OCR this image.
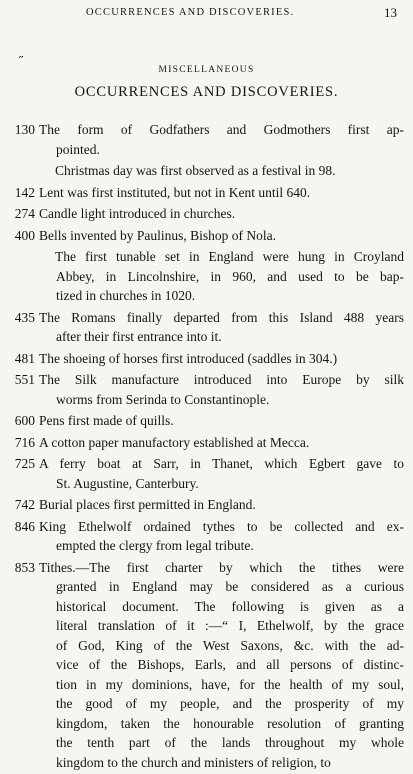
OCCURRENCES AND DISCOVERIES.	13
˝
MISCELLANEOUS
OCCURRENCES AND DISCOVERIES.
130 The form of Godfathers and Godmothers first ap-
pointed.
Christmas day was first observed as a festival in 98.
142 Lent was first instituted, but not in Kent until 640.
274 Candle light introduced in churches.
400 Bells invented by Paulinus, Bishop of Nola.
The first tunable set in England were hung in Croyland
Abbey, in Lincolnshire, in 960, and used to be bap-
tized in churches in 1020.
435 The Romans finally departed from this Island 488 years
after their first entrance into it.
481 The shoeing of horses first introduced (saddles in 304.)
551 The Silk manufacture introduced into Europe by silk
worms from Serinda to Constantinople.
600 Pens first made of quills.
716 A cotton paper manufactory established at Mecca.
725 A ferry boat at Sarr, in Thanet, which Egbert gave to
St. Augustine, Canterbury.
742 Burial places first permitted in England.
846 King Ethelwolf ordained tythes to be collected and ex-
empted the clergy from legal tribute.
853 Tithes.—The first charter by which the tithes were
granted in England may be considered as a curious
historical document. The following is given as a
literal translation of it :—“ I, Ethelwolf, by the grace
of God, King of the West Saxons, &c. with the ad-
vice of the Bishops, Earls, and all persons of distinc-
tion in my dominions, have, for the health of my soul,
the good of my people, and the prosperity of my
kingdom, taken the honourable resolution of granting
the tenth part of the lands throughout my whole
kingdom to the church and ministers of religion, to
